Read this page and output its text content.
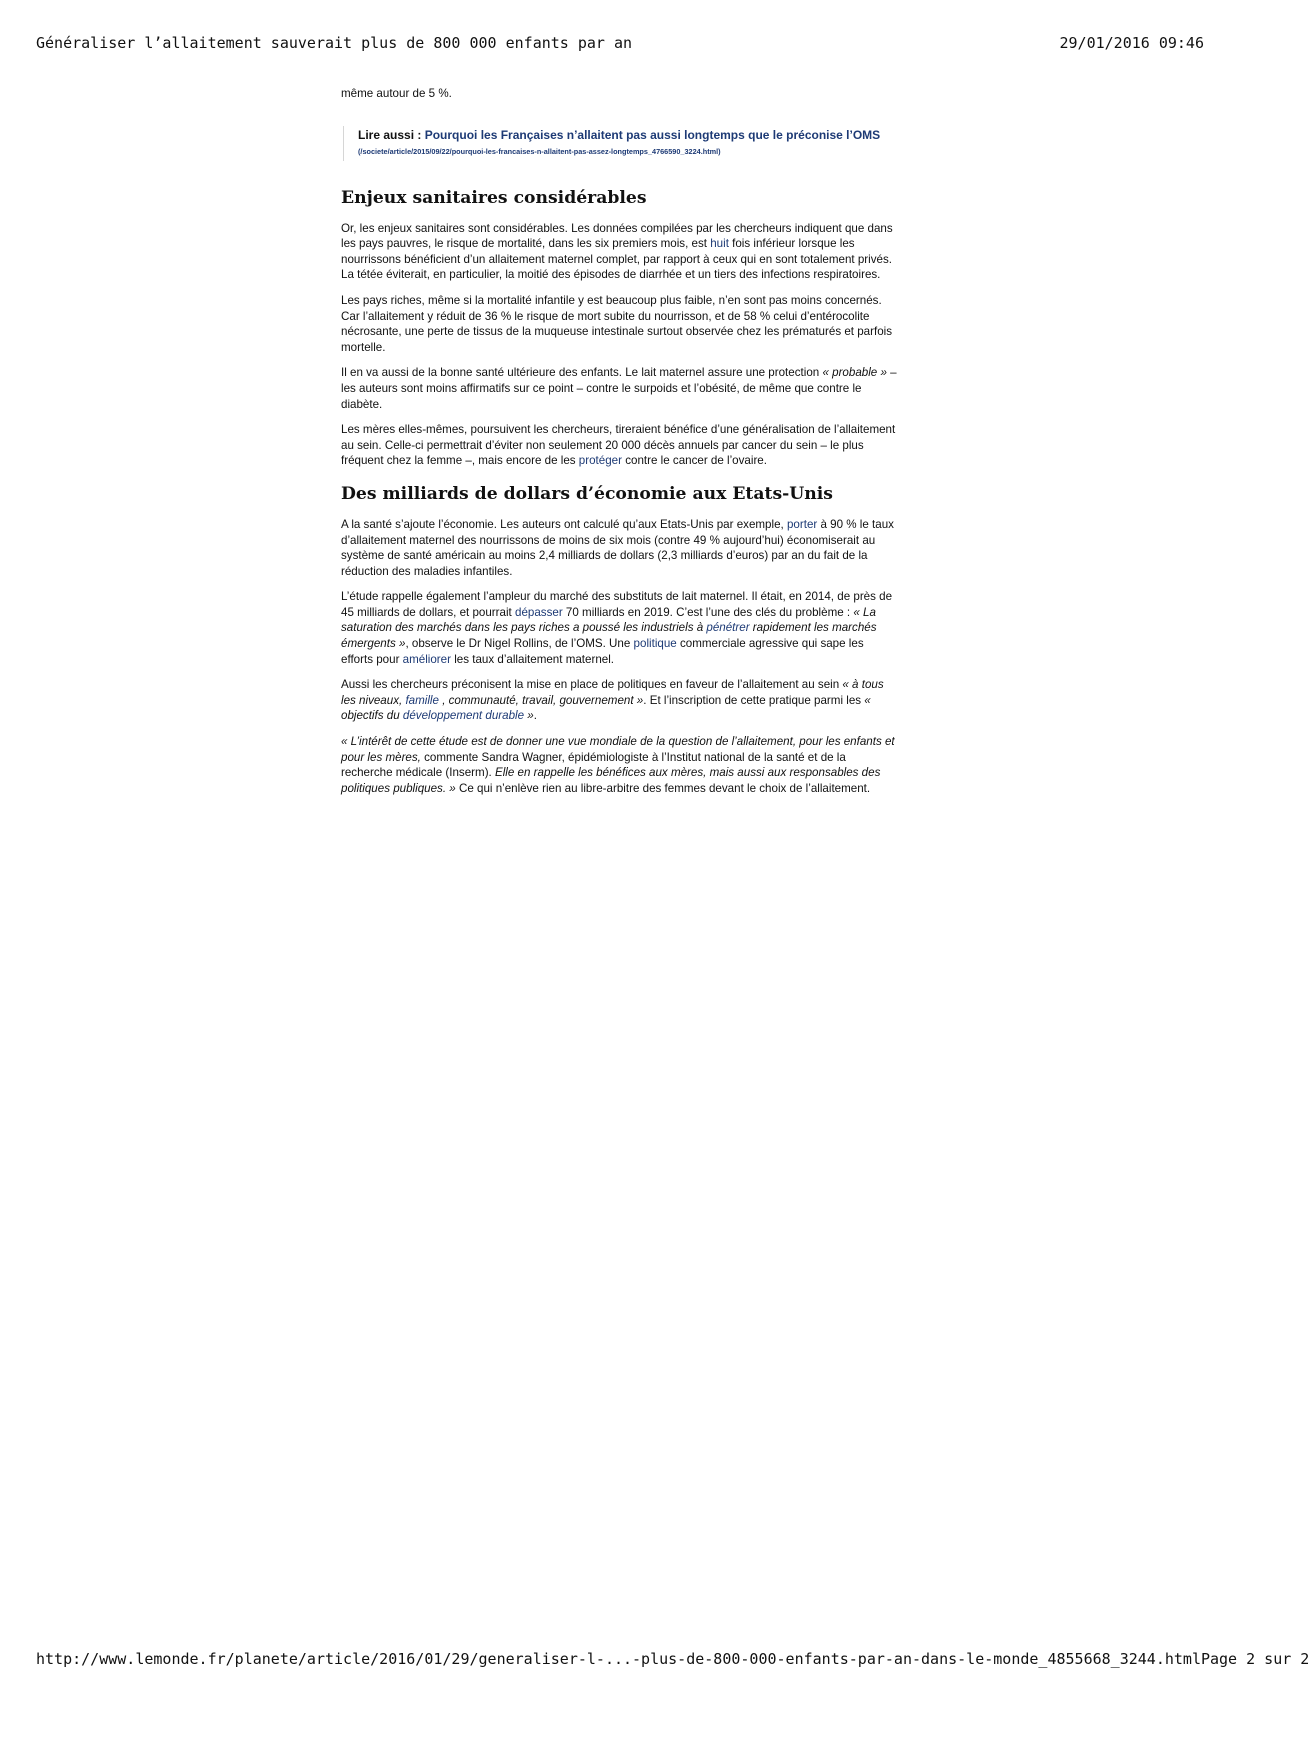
Généraliser l’allaitement sauverait plus de 800 000 enfants par an	29/01/2016 09:46

même autour de 5 %.

Lire aussi : Pourquoi les Françaises n’allaitent pas aussi longtemps que le préconise l’OMS (/societe/article/2015/09/22/pourquoi-les-francaises-n-allaitent-pas-assez-longtemps_4766590_3224.html)
Enjeux sanitaires considérables

Or, les enjeux sanitaires sont considérables. Les données compilées par les chercheurs indiquent que dans les pays pauvres, le risque de mortalité, dans les six premiers mois, est huit fois inférieur lorsque les nourrissons bénéficient d’un allaitement maternel complet, par rapport à ceux qui en sont totalement privés. La tétée éviterait, en particulier, la moitié des épisodes de diarrhée et un tiers des infections respiratoires.

Les pays riches, même si la mortalité infantile y est beaucoup plus faible, n’en sont pas moins concernés. Car l’allaitement y réduit de 36 % le risque de mort subite du nourrisson, et de 58 % celui d’entérocolite nécrosante, une perte de tissus de la muqueuse intestinale surtout observée chez les prématurés et parfois mortelle.

Il en va aussi de la bonne santé ultérieure des enfants. Le lait maternel assure une protection « probable » – les auteurs sont moins affirmatifs sur ce point – contre le surpoids et l’obésité, de même que contre le diabète.

Les mères elles-mêmes, poursuivent les chercheurs, tireraient bénéfice d’une généralisation de l’allaitement au sein. Celle-ci permettrait d’éviter non seulement 20 000 décès annuels par cancer du sein – le plus fréquent chez la femme –, mais encore de les protéger contre le cancer de l’ovaire.

Des milliards de dollars d’économie aux Etats-Unis

A la santé s’ajoute l’économie. Les auteurs ont calculé qu’aux Etats-Unis par exemple, porter à 90 % le taux d’allaitement maternel des nourrissons de moins de six mois (contre 49 % aujourd’hui) économiserait au système de santé américain au moins 2,4 milliards de dollars (2,3 milliards d’euros) par an du fait de la réduction des maladies infantiles.

L’étude rappelle également l’ampleur du marché des substituts de lait maternel. Il était, en 2014, de près de 45 milliards de dollars, et pourrait dépasser 70 milliards en 2019. C’est l’une des clés du problème : « La saturation des marchés dans les pays riches a poussé les industriels à pénétrer rapidement les marchés émergents », observe le Dr Nigel Rollins, de l’OMS. Une politique commerciale agressive qui sape les efforts pour améliorer les taux d’allaitement maternel.

Aussi les chercheurs préconisent la mise en place de politiques en faveur de l’allaitement au sein « à tous les niveaux, famille , communauté, travail, gouvernement ». Et l’inscription de cette pratique parmi les « objectifs du développement durable ».

« L’intérêt de cette étude est de donner une vue mondiale de la question de l’allaitement, pour les enfants et pour les mères, commente Sandra Wagner, épidémiologiste à l’Institut national de la santé et de la recherche médicale (Inserm). Elle en rappelle les bénéfices aux mères, mais aussi aux responsables des politiques publiques. » Ce qui n’enlève rien au libre-arbitre des femmes devant le choix de l’allaitement.

http://www.lemonde.fr/planete/article/2016/01/29/generaliser-l-...-plus-de-800-000-enfants-par-an-dans-le-monde_4855668_3244.html Page 2 sur 2
